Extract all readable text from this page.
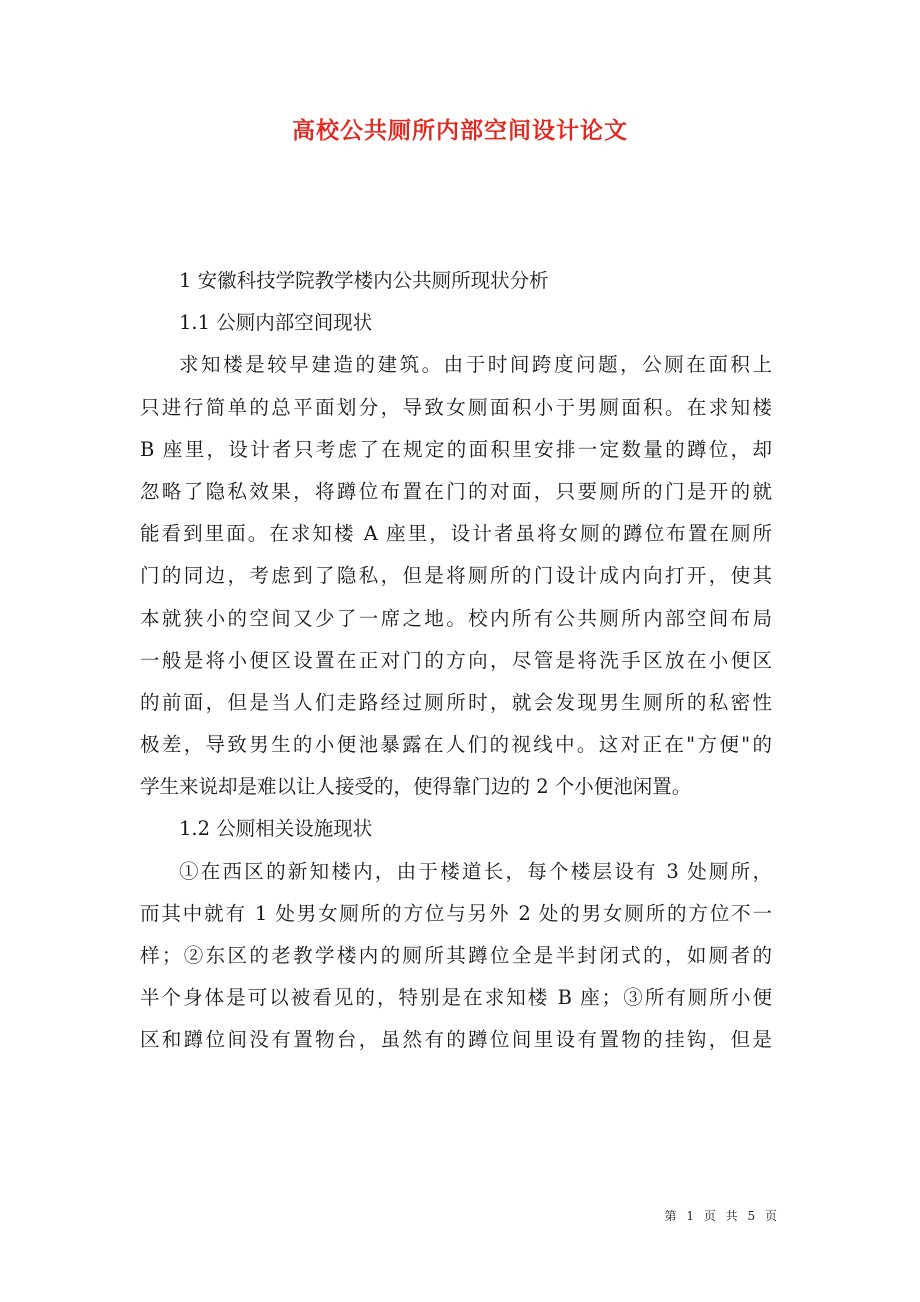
高校公共厕所内部空间设计论文
1 安徽科技学院教学楼内公共厕所现状分析
1.1 公厕内部空间现状
求知楼是较早建造的建筑。由于时间跨度问题，公厕在面积上
只进行简单的总平面划分，导致女厕面积小于男厕面积。在求知楼
B 座里，设计者只考虑了在规定的面积里安排一定数量的蹲位，却
忽略了隐私效果，将蹲位布置在门的对面，只要厕所的门是开的就
能看到里面。在求知楼 A 座里，设计者虽将女厕的蹲位布置在厕所
门的同边，考虑到了隐私，但是将厕所的门设计成内向打开，使其
本就狭小的空间又少了一席之地。校内所有公共厕所内部空间布局
一般是将小便区设置在正对门的方向，尽管是将洗手区放在小便区
的前面，但是当人们走路经过厕所时，就会发现男生厕所的私密性
极差，导致男生的小便池暴露在人们的视线中。这对正在"方便"的
学生来说却是难以让人接受的，使得靠门边的 2 个小便池闲置。
1.2 公厕相关设施现状
①在西区的新知楼内，由于楼道长，每个楼层设有 3 处厕所，
而其中就有 1 处男女厕所的方位与另外 2 处的男女厕所的方位不一
样；②东区的老教学楼内的厕所其蹲位全是半封闭式的，如厕者的
半个身体是可以被看见的，特别是在求知楼 B 座；③所有厕所小便
区和蹲位间没有置物台，虽然有的蹲位间里设有置物的挂钩，但是
第 1 页 共 5 页
